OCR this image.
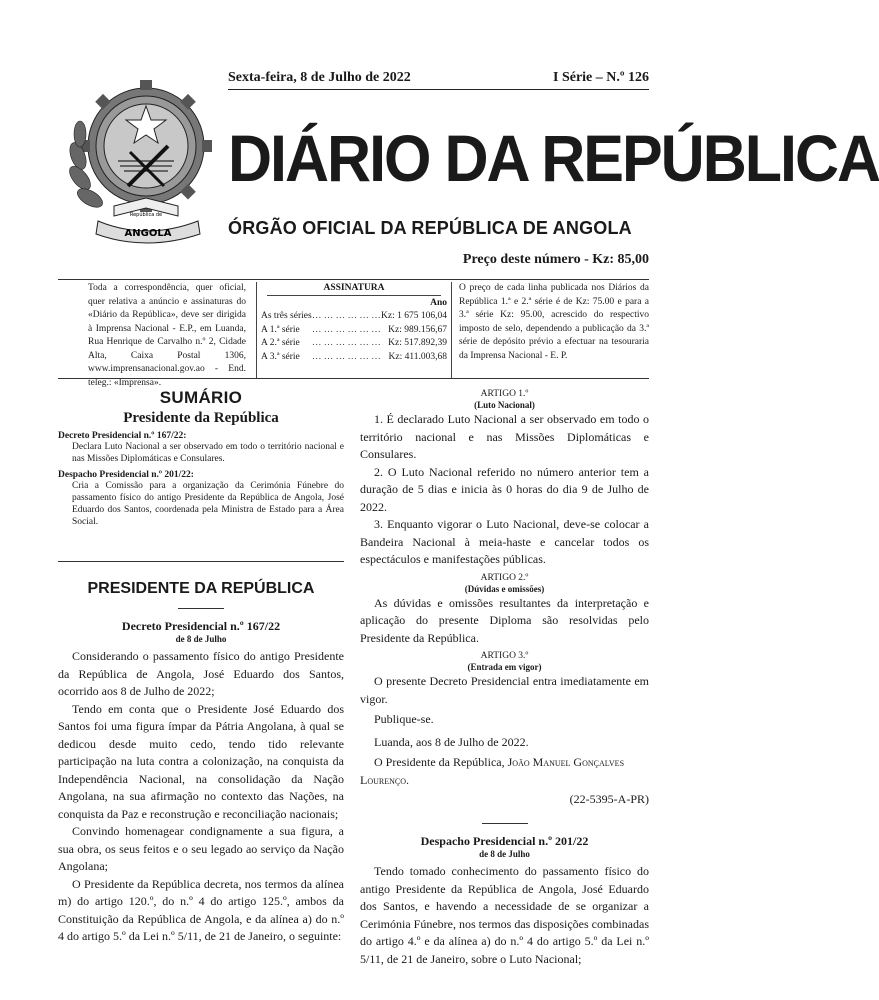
República de
ANGOLA
Sexta-feira, 8 de Julho de 2022	I Série – N.º 126
DIÁRIO DA REPÚBLICA
ÓRGÃO OFICIAL DA REPÚBLICA DE ANGOLA
Preço deste número - Kz: 85,00
Toda a correspondência, quer oficial, quer relativa a anúncio e assinaturas do «Diário da República», deve ser dirigida à Imprensa Nacional - E.P., em Luanda, Rua Henrique de Carvalho n.º 2, Cidade Alta, Caixa Postal 1306, www.imprensanacional.gov.ao - End. teleg.: «Imprensa».
ASSINATURA
Ano
As três séries	… … … … … …	Kz: 1 675 106,04
A 1.ª série	… … … … … …	Kz: 989.156,67
A 2.ª série	… … … … … …	Kz: 517.892,39
A 3.ª série	… … … … … …	Kz: 411.003,68
O preço de cada linha publicada nos Diários da República 1.ª e 2.ª série é de Kz: 75.00 e para a 3.ª série Kz: 95.00, acrescido do respectivo imposto de selo, dependendo a publicação da 3.ª série de depósito prévio a efectuar na tesouraria da Imprensa Nacional - E. P.
SUMÁRIO
Presidente da República
Decreto Presidencial n.º 167/22:
Declara Luto Nacional a ser observado em todo o território nacional e nas Missões Diplomáticas e Consulares.
Despacho Presidencial n.º 201/22:
Cria a Comissão para a organização da Cerimónia Fúnebre do passamento físico do antigo Presidente da República de Angola, José Eduardo dos Santos, coordenada pela Ministra de Estado para a Área Social.
PRESIDENTE DA REPÚBLICA
Decreto Presidencial n.º 167/22
de 8 de Julho

Considerando o passamento físico do antigo Presidente da República de Angola, José Eduardo dos Santos, ocorrido aos 8 de Julho de 2022;

Tendo em conta que o Presidente José Eduardo dos Santos foi uma figura ímpar da Pátria Angolana, à qual se dedicou desde muito cedo, tendo tido relevante participação na luta contra a colonização, na conquista da Independência Nacional, na consolidação da Nação Angolana, na sua afirmação no contexto das Nações, na conquista da Paz e reconstrução e reconciliação nacionais;

Convindo homenagear condignamente a sua figura, a sua obra, os seus feitos e o seu legado ao serviço da Nação Angolana;

O Presidente da República decreta, nos termos da alínea m) do artigo 120.º, do n.º 4 do artigo 125.º, ambos da Constituição da República de Angola, e da alínea a) do n.º 4 do artigo 5.º da Lei n.º 5/11, de 21 de Janeiro, o seguinte:

ARTIGO 1.º
(Luto Nacional)

1. É declarado Luto Nacional a ser observado em todo o território nacional e nas Missões Diplomáticas e Consulares.

2. O Luto Nacional referido no número anterior tem a duração de 5 dias e inicia às 0 horas do dia 9 de Julho de 2022.

3. Enquanto vigorar o Luto Nacional, deve-se colocar a Bandeira Nacional à meia-haste e cancelar todos os espectáculos e manifestações públicas.

ARTIGO 2.º
(Dúvidas e omissões)

As dúvidas e omissões resultantes da interpretação e aplicação do presente Diploma são resolvidas pelo Presidente da República.

ARTIGO 3.º
(Entrada em vigor)

O presente Decreto Presidencial entra imediatamente em vigor.

Publique-se.

Luanda, aos 8 de Julho de 2022.

O Presidente da República, João Manuel Gonçalves Lourenço.

(22-5395-A-PR)
Despacho Presidencial n.º 201/22
de 8 de Julho

Tendo tomado conhecimento do passamento físico do antigo Presidente da República de Angola, José Eduardo dos Santos, e havendo a necessidade de se organizar a Cerimónia Fúnebre, nos termos das disposições combinadas do artigo 4.º e da alínea a) do n.º 4 do artigo 5.º da Lei n.º 5/11, de 21 de Janeiro, sobre o Luto Nacional;
